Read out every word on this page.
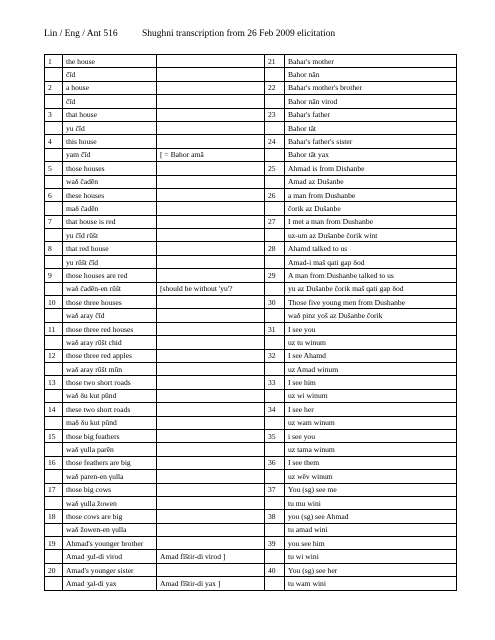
Lin / Eng / Ant 516	Shughni transcription from 26 Feb 2009 elicitation
1	the house		21	Bahar's mother
	čīd			Bahor nān
2	a house		22	Bahar's mother's brother
	čīd			Bahor nān virod
3	that house		23	Bahar's father
	yu čīd			Bahor tāt
4	this house		24	Bahar's father's sister
	yam čīd	[ = Bahor amā		Bahor tāt yax
5	those houses		25	Ahmad is from Dishanbe
	waδ čadēn			Amad az Dušanbe
6	these houses		26	a man from Dushanbe
	maδ čadēn			čorik az Dušanbe
7	that house is red		27	I met a man from Dushanbe
	yu čīd rūšt			uz-um az Dušanbe čorik wint
8	that red house		28	Ahamd talked to us
	yu rūšt čīd			Amad-i maš qati gap δod
9	those houses are red		29	A man from Dushanbe talked to us
	waδ čadēn-en rūšt	[should be without 'yu'?		yu az Dušanbe čorik maš qati gap δod
10	those three houses		30	Those five young men from Dushanbe
	waδ aray čīd			waδ pinz yoš az Dušanbe čorik
11	those three red houses		31	I see you
	waδ aray rūšt chid			uz tu winum
12	those three red apples		32	I see Ahamd
	waδ aray rūšt mūn			uz Amad winum
13	those two short roads		33	I see him
	waδ δu kut pūnd			uz wi winum
14	these two short roads		34	I see her
	maδ δu kut pūnd			uz wam winum
15	those big feathers		35	i see you
	waδ γulla parēn			uz tama winum
16	those feathers are big		36	I see them
	waδ paren-en γulla			uz wēv winum
17	those big cows		37	You (sg) see me
	waδ γulla žowen			tu mu wini
18	those cows are big		38	you (sg) see Ahmad
	waδ žowen-en γulla			tu amad wini
19	Ahmad's younger brother		39	you see him
	Amad ʒul-di virod	Amad fīštir-di virod ]		tu wi wini
20	Amad's younger sister		40	You (sg) see her
	Amad ʒal-di yax	Amad fīštir-di yax ]		tu wam wini
